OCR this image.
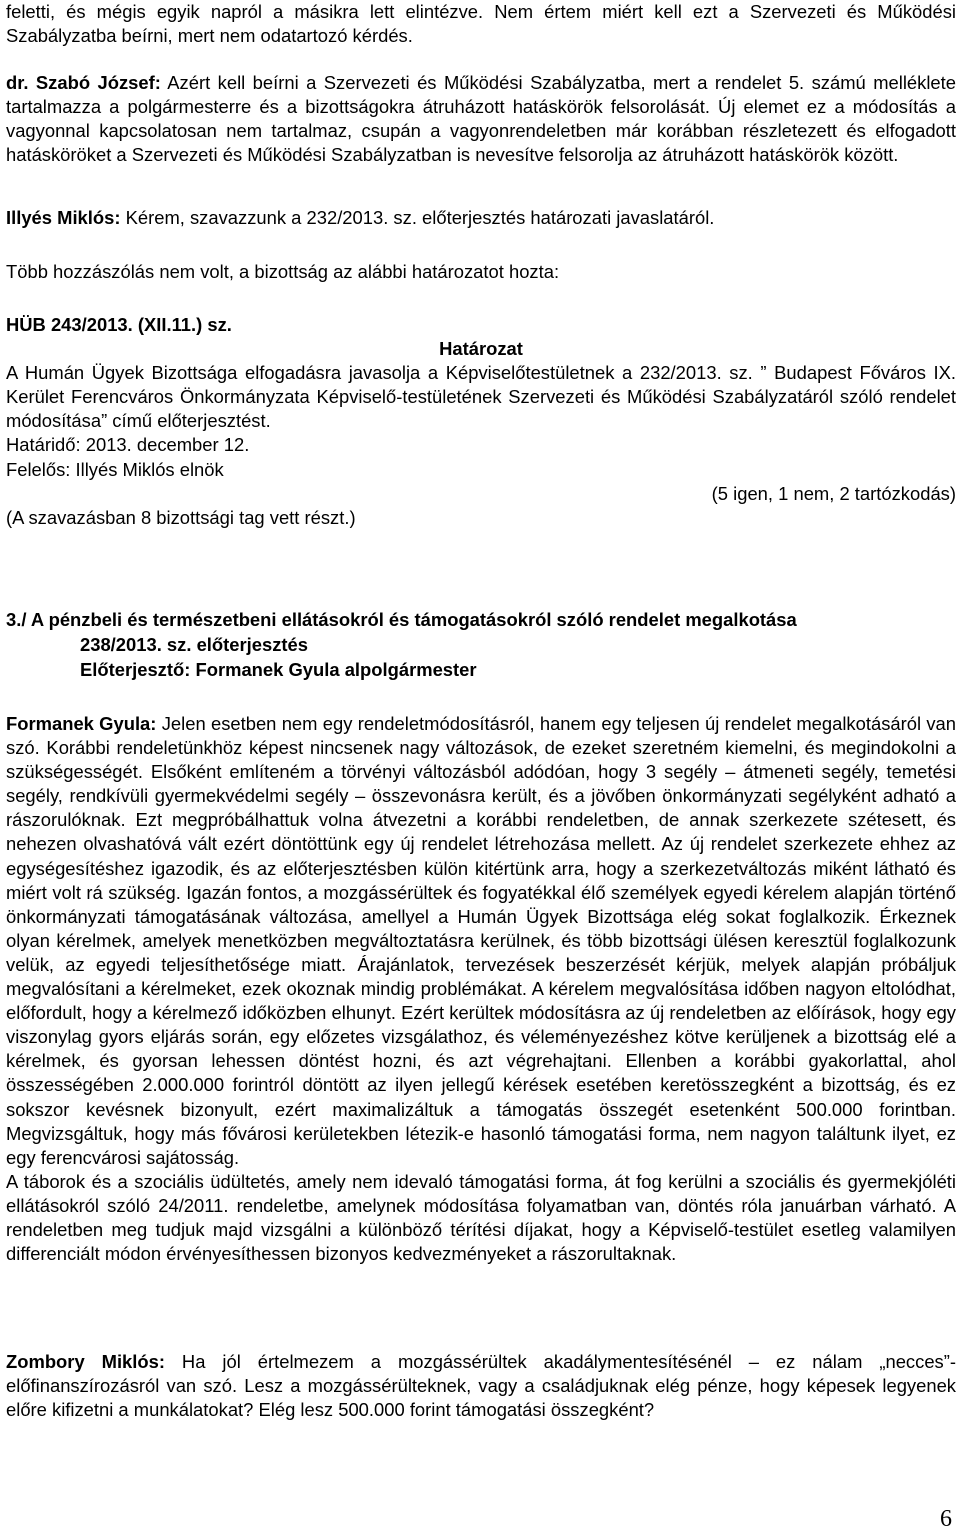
feletti, és mégis egyik napról a másikra lett elintézve. Nem értem miért kell ezt a Szervezeti és Működési Szabályzatba beírni, mert nem odatartozó kérdés.

dr. Szabó József: Azért kell beírni a Szervezeti és Működési Szabályzatba, mert a rendelet 5. számú melléklete tartalmazza a polgármesterre és a bizottságokra átruházott hatáskörök felsorolását. Új elemet ez a módosítás a vagyonnal kapcsolatosan nem tartalmaz, csupán a vagyonrendeletben már korábban részletezett és elfogadott hatásköröket a Szervezeti és Működési Szabályzatban is nevesítve felsorolja az átruházott hatáskörök között.

Illyés Miklós: Kérem, szavazzunk a 232/2013. sz. előterjesztés határozati javaslatáról.

Több hozzászólás nem volt, a bizottság az alábbi határozatot hozta:

HÜB 243/2013. (XII.11.) sz.

Határozat

A Humán Ügyek Bizottsága elfogadásra javasolja a Képviselőtestületnek a 232/2013. sz. ” Budapest Főváros IX. Kerület Ferencváros Önkormányzata Képviselő-testületének Szervezeti és Működési Szabályzatáról szóló rendelet módosítása” című előterjesztést.

Határidő: 2013. december 12.

Felelős: Illyés Miklós elnök

(5 igen, 1 nem, 2 tartózkodás)

(A szavazásban 8 bizottsági tag vett részt.)

3./ A pénzbeli és természetbeni ellátásokról és támogatásokról szóló rendelet megalkotása

238/2013. sz. előterjesztés

Előterjesztő: Formanek Gyula alpolgármester

Formanek Gyula: Jelen esetben nem egy rendeletmódosításról, hanem egy teljesen új rendelet megalkotásáról van szó. Korábbi rendeletünkhöz képest nincsenek nagy változások, de ezeket szeretném kiemelni, és megindokolni a szükségességét. Elsőként említeném a törvényi változásból adódóan, hogy 3 segély – átmeneti segély, temetési segély, rendkívüli gyermekvédelmi segély – összevonásra került, és a jövőben önkormányzati segélyként adható a rászorulóknak. Ezt megpróbálhattuk volna átvezetni a korábbi rendeletben, de annak szerkezete szétesett, és nehezen olvashatóvá vált ezért döntöttünk egy új rendelet létrehozása mellett. Az új rendelet szerkezete ehhez az egységesítéshez igazodik, és az előterjesztésben külön kitértünk arra, hogy a szerkezetváltozás miként látható és miért volt rá szükség. Igazán fontos, a mozgássérültek és fogyatékkal élő személyek egyedi kérelem alapján történő önkormányzati támogatásának változása, amellyel a Humán Ügyek Bizottsága elég sokat foglalkozik. Érkeznek olyan kérelmek, amelyek menetközben megváltoztatásra kerülnek, és több bizottsági ülésen keresztül foglalkozunk velük, az egyedi teljesíthetősége miatt. Árajánlatok, tervezések beszerzését kérjük, melyek alapján próbáljuk megvalósítani a kérelmeket, ezek okoznak mindig problémákat. A kérelem megvalósítása időben nagyon eltolódhat, előfordult, hogy a kérelmező időközben elhunyt. Ezért kerültek módosításra az új rendeletben az előírások, hogy egy viszonylag gyors eljárás során, egy előzetes vizsgálathoz, és véleményezéshez kötve kerüljenek a bizottság elé a kérelmek, és gyorsan lehessen döntést hozni, és azt végrehajtani. Ellenben a korábbi gyakorlattal, ahol összességében 2.000.000 forintról döntött az ilyen jellegű kérések esetében keretösszegként a bizottság, és ez sokszor kevésnek bizonyult, ezért maximalizáltuk a támogatás összegét esetenként 500.000 forintban. Megvizsgáltuk, hogy más fővárosi kerületekben létezik-e hasonló támogatási forma, nem nagyon találtunk ilyet, ez egy ferencvárosi sajátosság.

A táborok és a szociális üdültetés, amely nem idevaló támogatási forma, át fog kerülni a szociális és gyermekjóléti ellátásokról szóló 24/2011. rendeletbe, amelynek módosítása folyamatban van, döntés róla januárban várható. A rendeletben meg tudjuk majd vizsgálni a különböző térítési díjakat, hogy a Képviselő-testület esetleg valamilyen differenciált módon érvényesíthessen bizonyos kedvezményeket a rászorultaknak.

Zombory Miklós: Ha jól értelmezem a mozgássérültek akadálymentesítésénél – ez nálam „necces”- előfinanszírozásról van szó. Lesz a mozgássérülteknek, vagy a családjuknak elég pénze, hogy képesek legyenek előre kifizetni a munkálatokat? Elég lesz 500.000 forint támogatási összegként?

6
